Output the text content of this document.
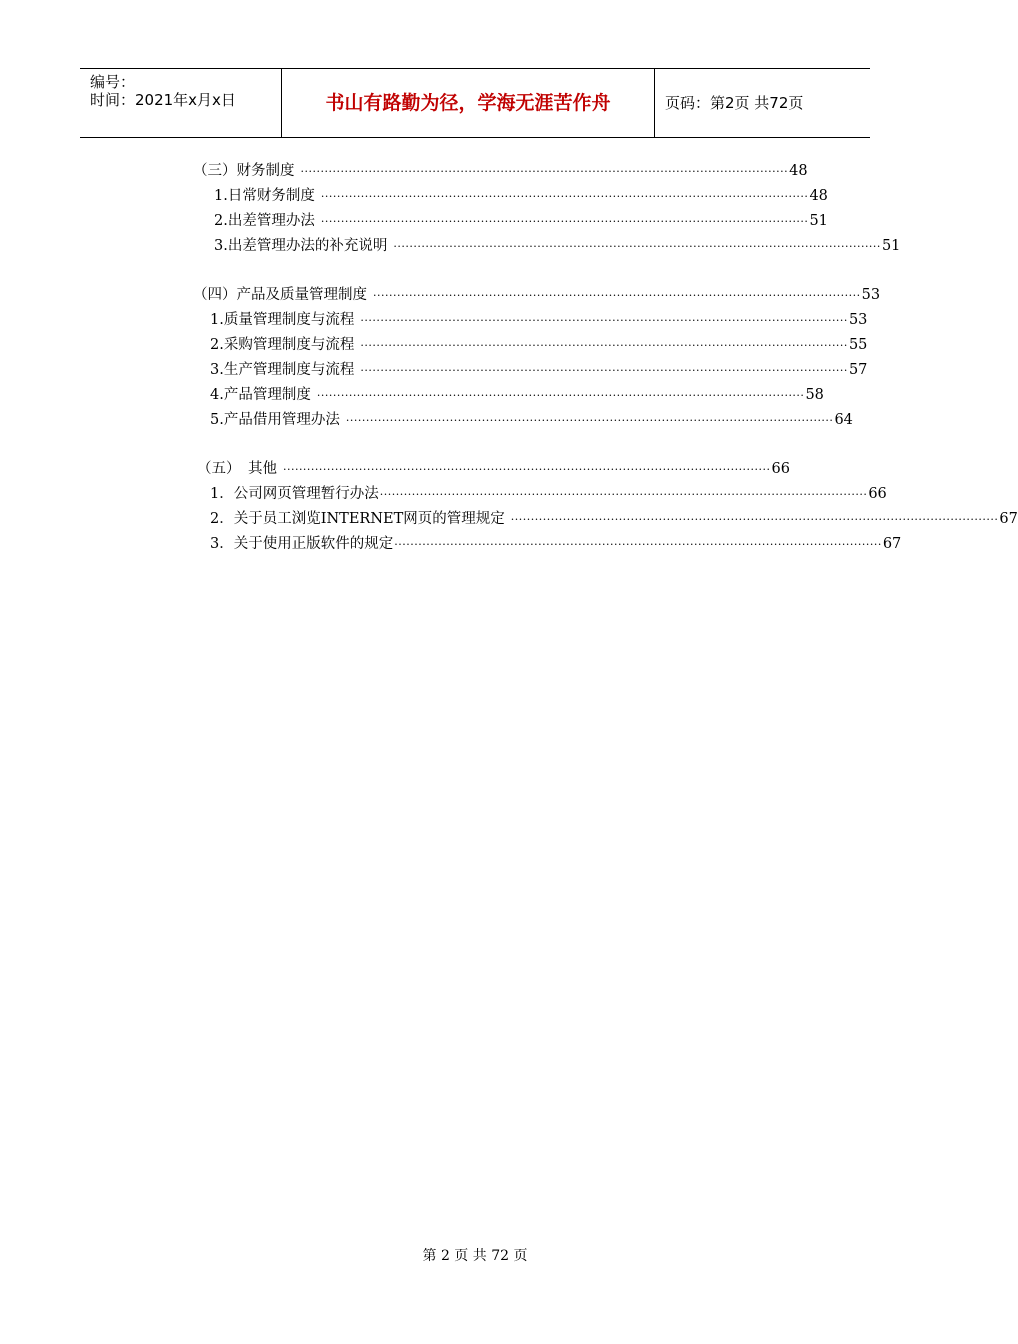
编号：
时间：2021年x月x日	书山有路勤为径，学海无涯苦作舟	页码：第2页 共72页
（三） 财务制度 ·························································································································· 48
1. 日常财务制度 ·························································································································· 48
2. 出差管理办法 ·························································································································· 51
3. 出差管理办法的补充说明 ·························································································································· 51
（四） 产品及质量管理制度 ·························································································································· 53
1. 质量管理制度与流程 ·························································································································· 53
2. 采购管理制度与流程 ·························································································································· 55
3. 生产管理制度与流程 ·························································································································· 57
4. 产品管理制度 ·························································································································· 58
5. 产品借用管理办法 ·························································································································· 64
（五） 其他 ·························································································································· 66
1． 公司网页管理暂行办法 ·························································································································· 66
2． 关于员工浏览INTERNET网页的管理规定 ·························································································································· 67
3． 关于使用正版软件的规定 ·························································································································· 67
第 2 页 共 72 页
